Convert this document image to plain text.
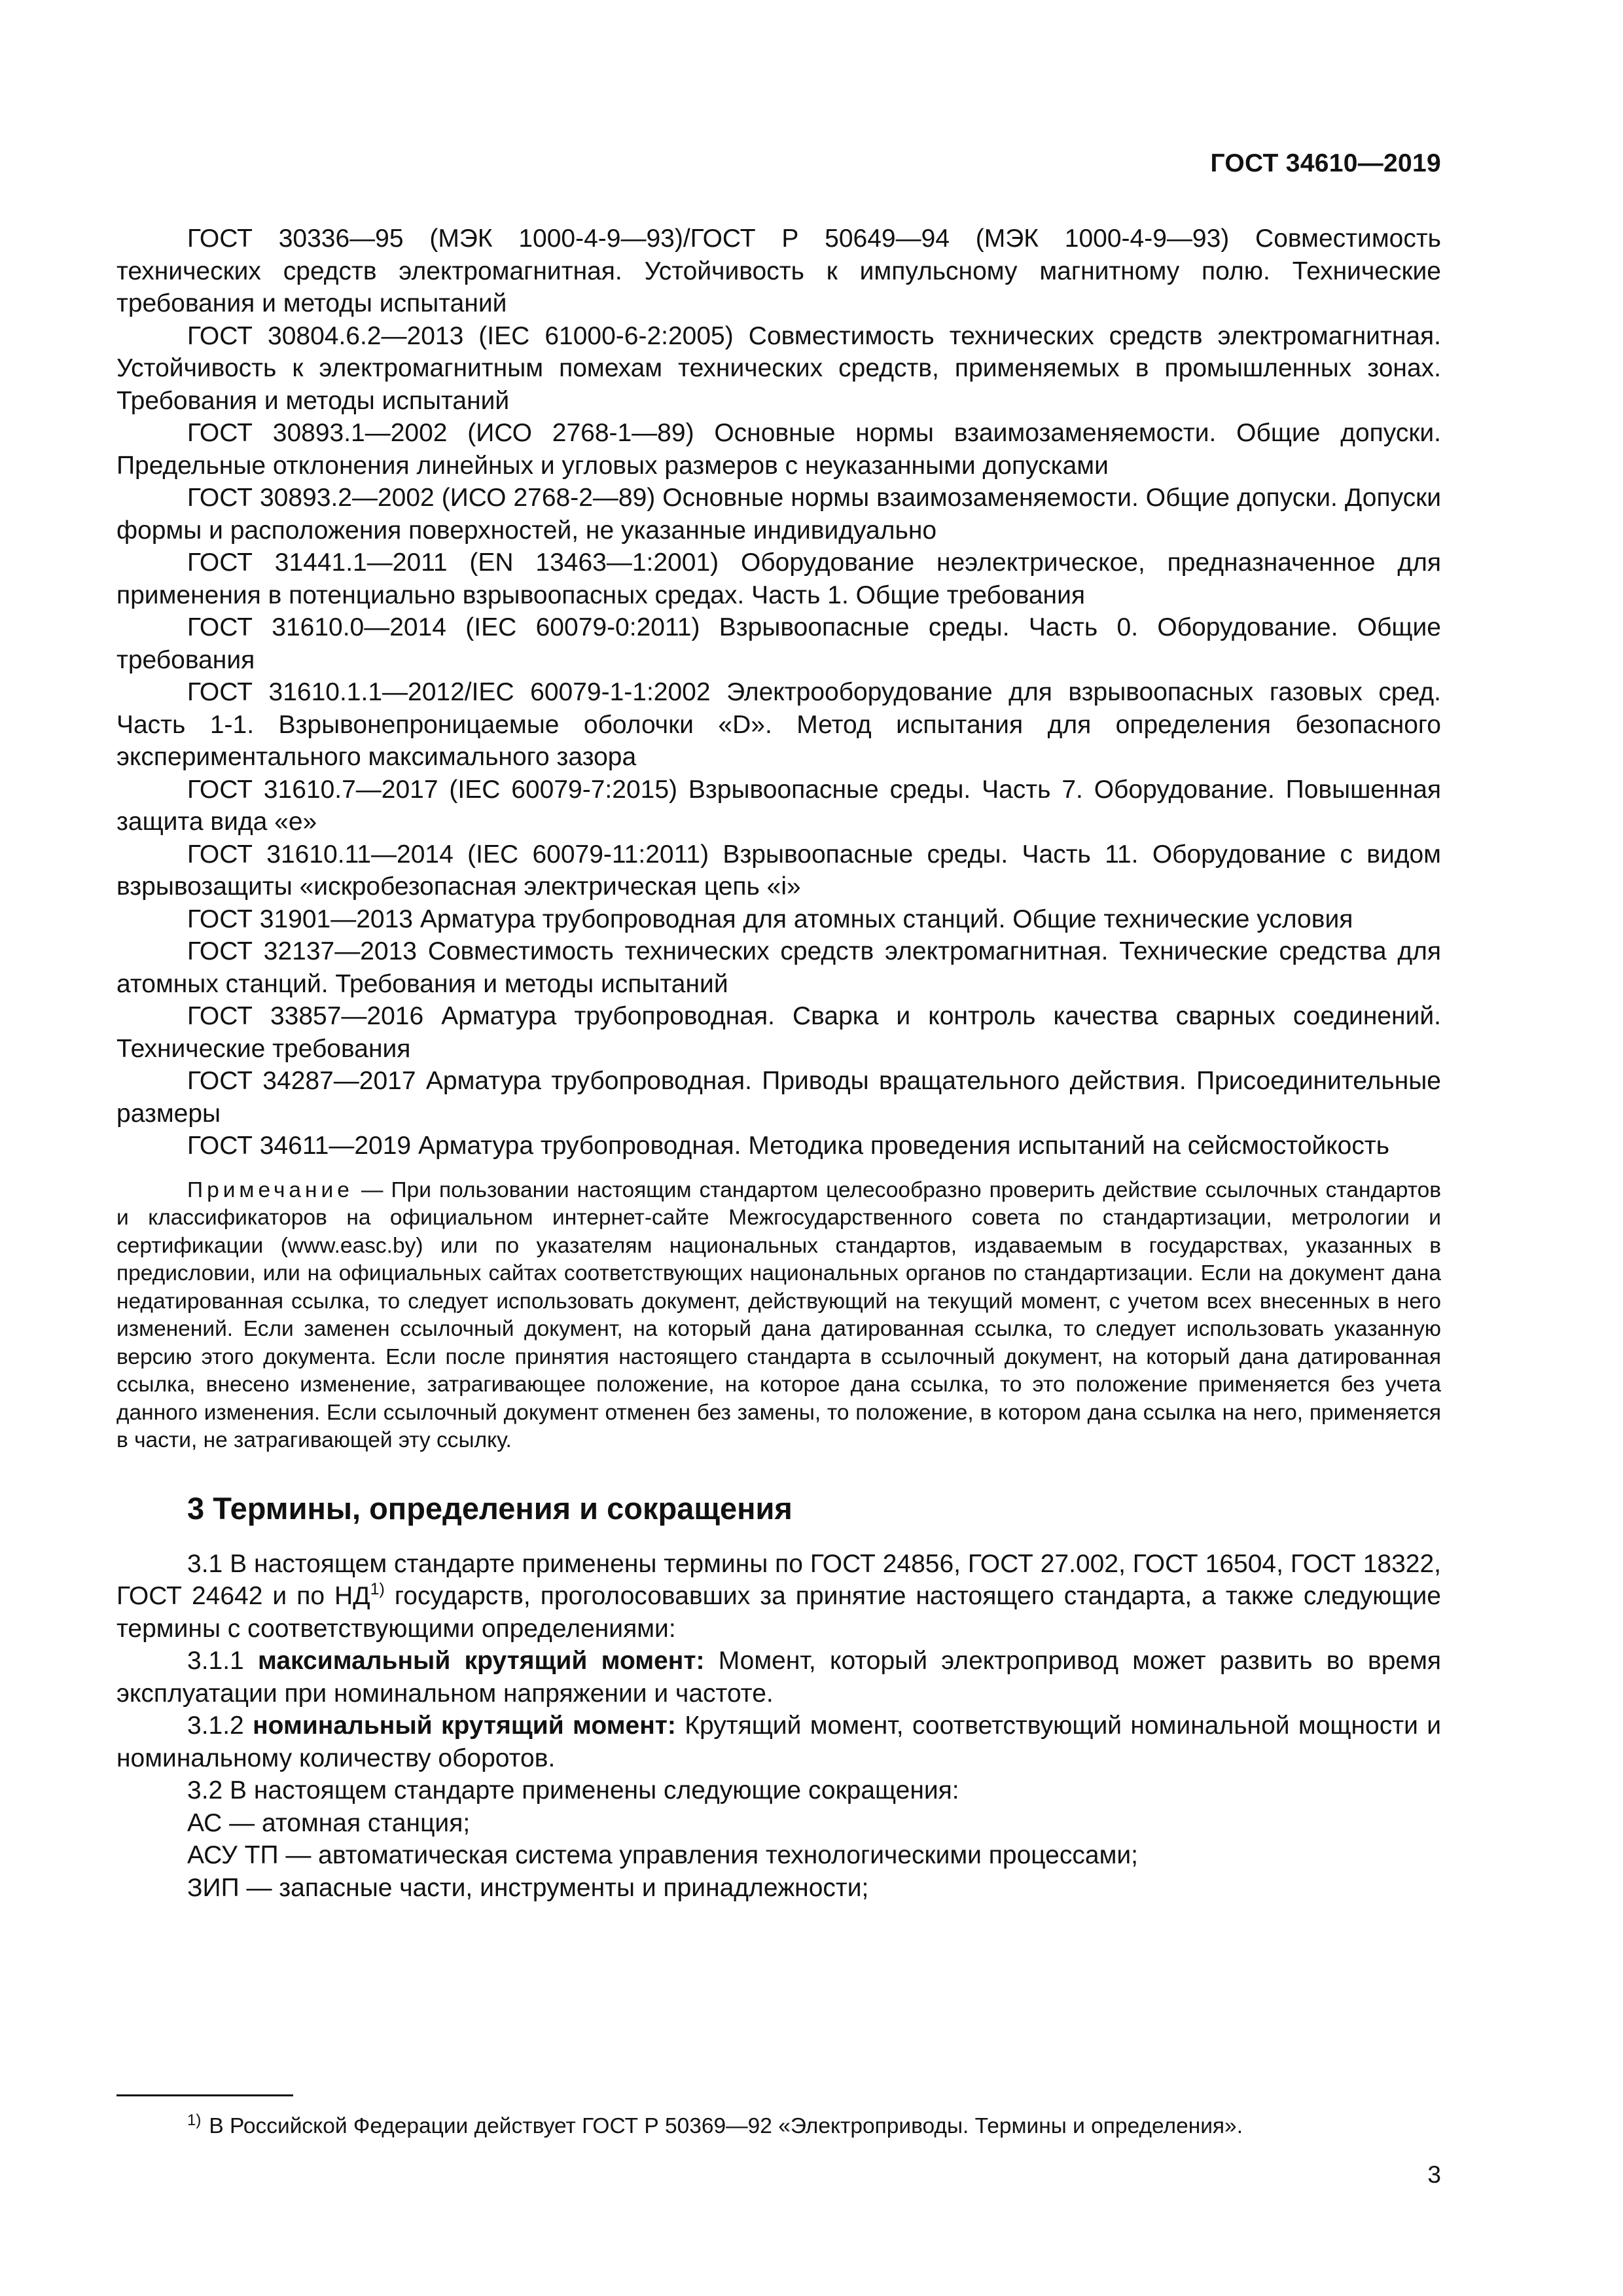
ГОСТ 34610—2019

ГОСТ 30336—95 (МЭК 1000-4-9—93)/ГОСТ Р 50649—94 (МЭК 1000-4-9—93) Совместимость технических средств электромагнитная. Устойчивость к импульсному магнитному полю. Технические требования и методы испытаний

ГОСТ 30804.6.2—2013 (IEC 61000-6-2:2005) Совместимость технических средств электромагнитная. Устойчивость к электромагнитным помехам технических средств, применяемых в промышленных зонах. Требования и методы испытаний

ГОСТ 30893.1—2002 (ИСО 2768-1—89) Основные нормы взаимозаменяемости. Общие допуски. Предельные отклонения линейных и угловых размеров с неуказанными допусками

ГОСТ 30893.2—2002 (ИСО 2768-2—89) Основные нормы взаимозаменяемости. Общие допуски. Допуски формы и расположения поверхностей, не указанные индивидуально

ГОСТ 31441.1—2011 (EN 13463—1:2001) Оборудование неэлектрическое, предназначенное для применения в потенциально взрывоопасных средах. Часть 1. Общие требования

ГОСТ 31610.0—2014 (IEC 60079-0:2011) Взрывоопасные среды. Часть 0. Оборудование. Общие требования

ГОСТ 31610.1.1—2012/IEC 60079-1-1:2002 Электрооборудование для взрывоопасных газовых сред. Часть 1-1. Взрывонепроницаемые оболочки «D». Метод испытания для определения безопасного экспериментального максимального зазора

ГОСТ 31610.7—2017 (IEC 60079-7:2015) Взрывоопасные среды. Часть 7. Оборудование. Повышенная защита вида «е»

ГОСТ 31610.11—2014 (IEC 60079-11:2011) Взрывоопасные среды. Часть 11. Оборудование с видом взрывозащиты «искробезопасная электрическая цепь «i»

ГОСТ 31901—2013 Арматура трубопроводная для атомных станций. Общие технические условия

ГОСТ 32137—2013 Совместимость технических средств электромагнитная. Технические средства для атомных станций. Требования и методы испытаний

ГОСТ 33857—2016 Арматура трубопроводная. Сварка и контроль качества сварных соединений. Технические требования

ГОСТ 34287—2017 Арматура трубопроводная. Приводы вращательного действия. Присоединительные размеры

ГОСТ 34611—2019 Арматура трубопроводная. Методика проведения испытаний на сейсмостойкость

Примечание — При пользовании настоящим стандартом целесообразно проверить действие ссылочных стандартов и классификаторов на официальном интернет-сайте Межгосударственного совета по стандартизации, метрологии и сертификации (www.easc.by) или по указателям национальных стандартов, издаваемым в государствах, указанных в предисловии, или на официальных сайтах соответствующих национальных органов по стандартизации. Если на документ дана недатированная ссылка, то следует использовать документ, действующий на текущий момент, с учетом всех внесенных в него изменений. Если заменен ссылочный документ, на который дана датированная ссылка, то следует использовать указанную версию этого документа. Если после принятия настоящего стандарта в ссылочный документ, на который дана датированная ссылка, внесено изменение, затрагивающее положение, на которое дана ссылка, то это положение применяется без учета данного изменения. Если ссылочный документ отменен без замены, то положение, в котором дана ссылка на него, применяется в части, не затрагивающей эту ссылку.

3 Термины, определения и сокращения

3.1 В настоящем стандарте применены термины по ГОСТ 24856, ГОСТ 27.002, ГОСТ 16504, ГОСТ 18322, ГОСТ 24642 и по НД$^{1)}$ государств, проголосовавших за принятие настоящего стандарта, а также следующие термины с соответствующими определениями:

3.1.1 максимальный крутящий момент: Момент, который электропривод может развить во время эксплуатации при номинальном напряжении и частоте.

3.1.2 номинальный крутящий момент: Крутящий момент, соответствующий номинальной мощности и номинальному количеству оборотов.

3.2 В настоящем стандарте применены следующие сокращения:

АС — атомная станция;

АСУ ТП — автоматическая система управления технологическими процессами;

ЗИП — запасные части, инструменты и принадлежности;

$^{1)}$ В Российской Федерации действует ГОСТ Р 50369—92 «Электроприводы. Термины и определения».
3
